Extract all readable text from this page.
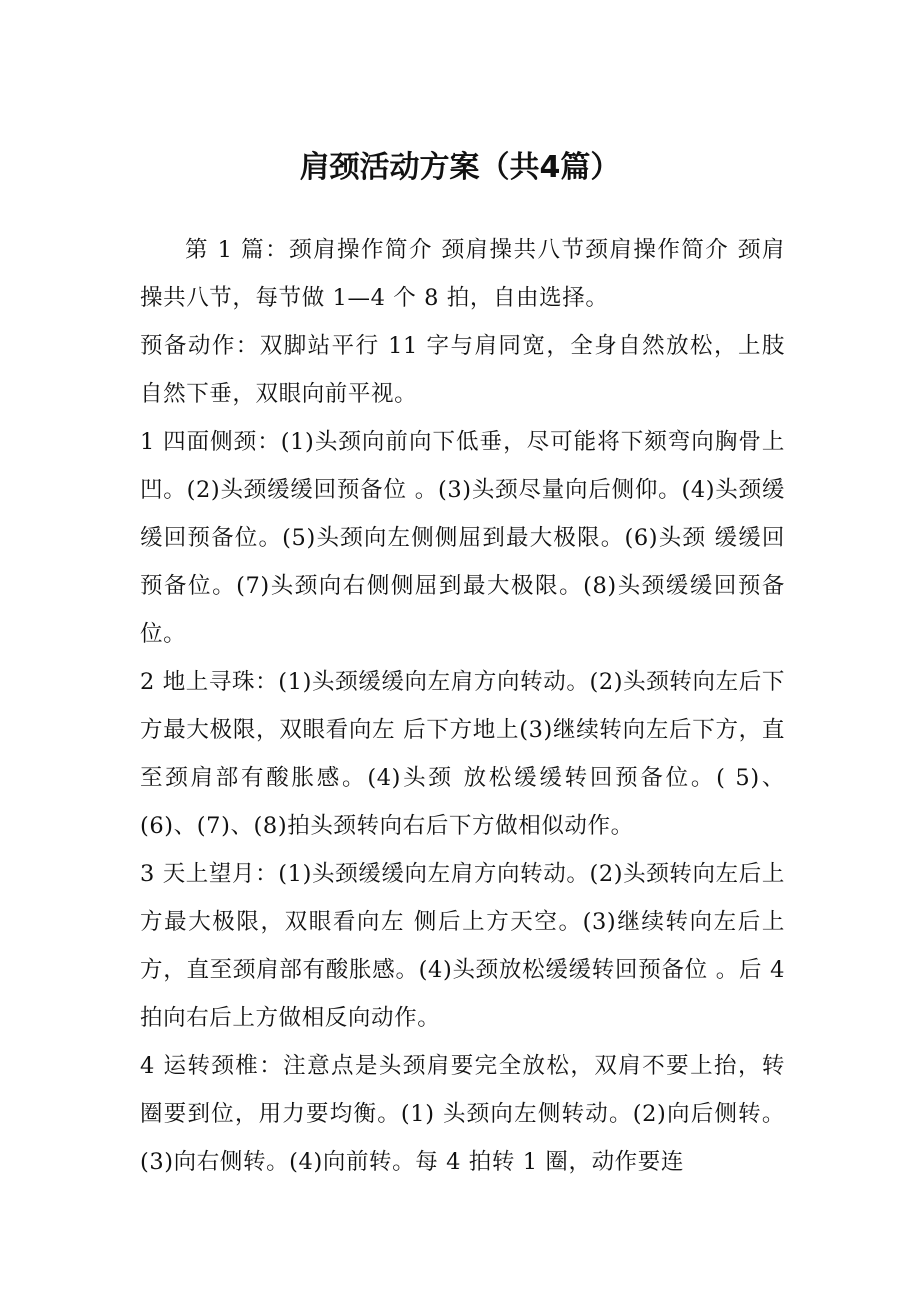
肩颈活动方案（共4篇）

第 1 篇：颈肩操作简介 颈肩操共八节颈肩操作简介 颈肩操共八节，每节做 1—4 个 8 拍，自由选择。

预备动作：双脚站平行 11 字与肩同宽，全身自然放松，上肢自然下垂，双眼向前平视。

1 四面侧颈：(1)头颈向前向下低垂，尽可能将下颏弯向胸骨上凹。(2)头颈缓缓回预备位 。(3)头颈尽量向后侧仰。(4)头颈缓缓回预备位。(5)头颈向左侧侧屈到最大极限。(6)头颈 缓缓回预备位。(7)头颈向右侧侧屈到最大极限。(8)头颈缓缓回预备位。

2 地上寻珠：(1)头颈缓缓向左肩方向转动。(2)头颈转向左后下方最大极限，双眼看向左 后下方地上(3)继续转向左后下方，直至颈肩部有酸胀感。(4)头颈 放松缓缓转回预备位。( 5)、(6)、(7)、(8)拍头颈转向右后下方做相似动作。

3 天上望月：(1)头颈缓缓向左肩方向转动。(2)头颈转向左后上方最大极限，双眼看向左 侧后上方天空。(3)继续转向左后上方，直至颈肩部有酸胀感。(4)头颈放松缓缓转回预备位 。后 4 拍向右后上方做相反向动作。

4 运转颈椎：注意点是头颈肩要完全放松，双肩不要上抬，转圈要到位，用力要均衡。(1) 头颈向左侧转动。(2)向后侧转。(3)向右侧转。(4)向前转。每 4 拍转 1 圈，动作要连
